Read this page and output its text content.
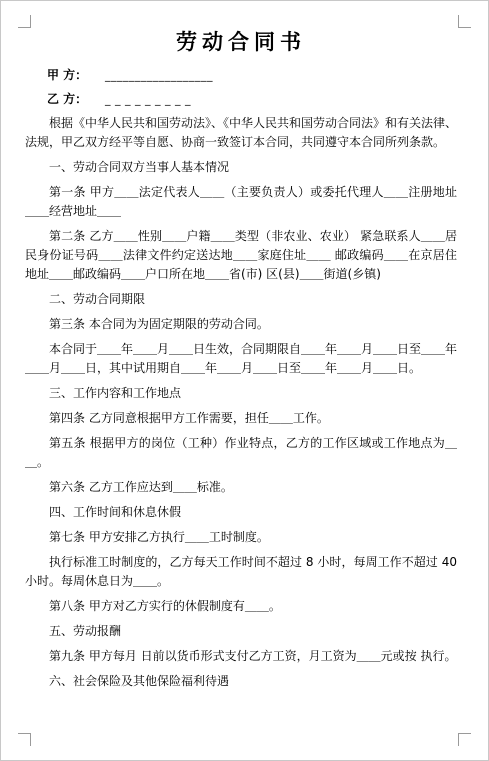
劳动合同书
甲 方：	__________________
乙 方：	_ _ _ _ _ _ _ _ _

根据《中华人民共和国劳动法》、《中华人民共和国劳动合同法》和有关法律、法规，甲乙双方经平等自愿、协商一致签订本合同，共同遵守本合同所列条款。

一、劳动合同双方当事人基本情况

第一条 甲方＿＿法定代表人＿＿（主要负责人）或委托代理人＿＿注册地址＿＿经营地址＿＿

第二条 乙方＿＿性别＿＿户籍＿＿类型（非农业、农业） 紧急联系人＿＿居民身份证号码＿＿法律文件约定送达地＿＿家庭住址＿＿ 邮政编码＿＿在京居住地址＿＿邮政编码＿＿户口所在地＿＿省(市) 区(县)＿＿街道(乡镇)

二、劳动合同期限

第三条 本合同为为固定期限的劳动合同。

本合同于＿＿年＿＿月＿＿日生效，合同期限自＿＿年＿＿月＿＿日至＿＿年＿＿月＿＿日，其中试用期自＿＿年＿＿月＿＿日至＿＿年＿＿月＿＿日。

三、工作内容和工作地点

第四条 乙方同意根据甲方工作需要，担任＿＿工作。

第五条 根据甲方的岗位（工种）作业特点，乙方的工作区域或工作地点为＿＿。

第六条 乙方工作应达到＿＿标准。

四、工作时间和休息休假

第七条 甲方安排乙方执行＿＿工时制度。

执行标准工时制度的，乙方每天工作时间不超过 8 小时，每周工作不超过 40 小时。每周休息日为＿＿。

第八条 甲方对乙方实行的休假制度有＿＿。

五、劳动报酬

第九条 甲方每月 日前以货币形式支付乙方工资，月工资为＿＿元或按 执行。

六、社会保险及其他保险福利待遇
